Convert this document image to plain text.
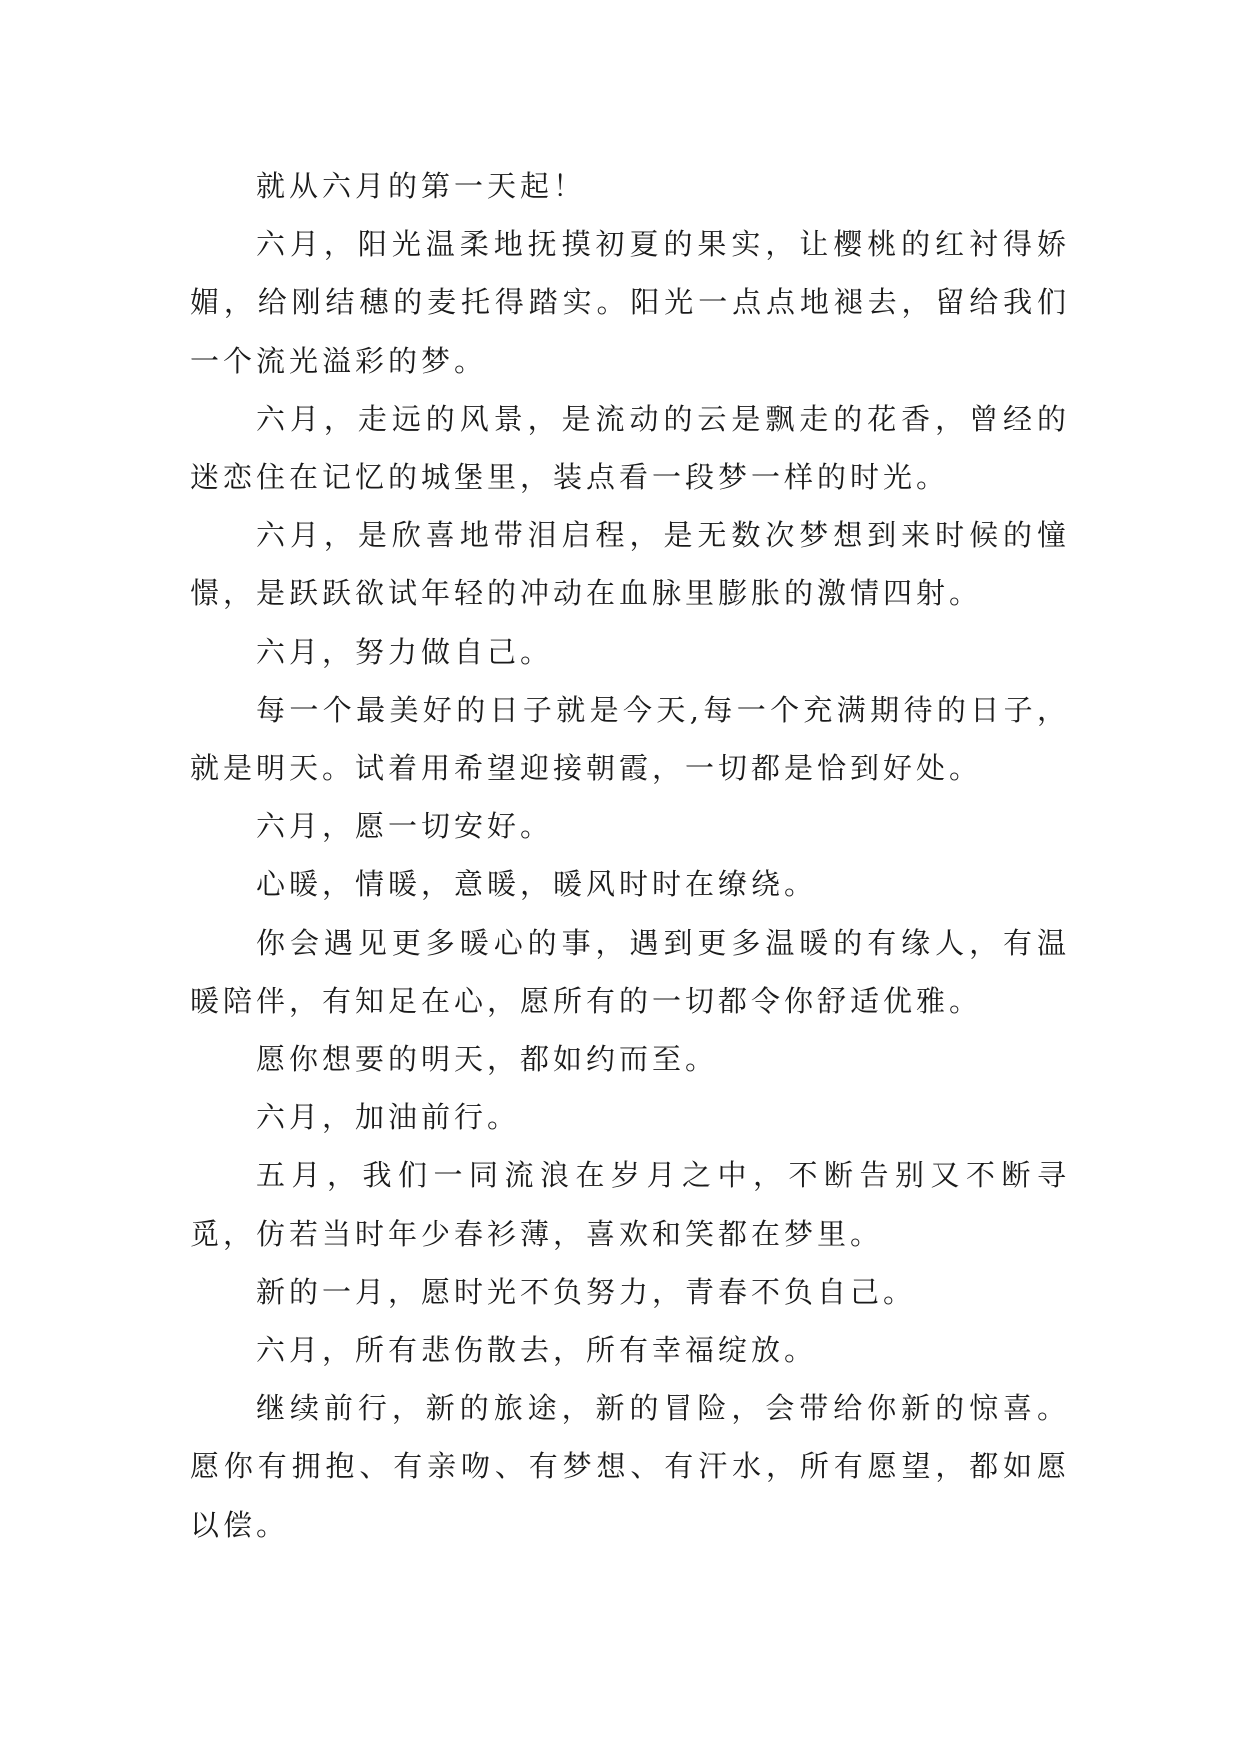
就从六月的第一天起！

六月，阳光温柔地抚摸初夏的果实，让樱桃的红衬得娇媚，给刚结穗的麦托得踏实。阳光一点点地褪去，留给我们一个流光溢彩的梦。

六月，走远的风景，是流动的云是飘走的花香，曾经的迷恋住在记忆的城堡里，装点看一段梦一样的时光。

六月，是欣喜地带泪启程，是无数次梦想到来时候的憧憬，是跃跃欲试年轻的冲动在血脉里膨胀的激情四射。

六月，努力做自己。

每一个最美好的日子就是今天,每一个充满期待的日子，就是明天。试着用希望迎接朝霞，一切都是恰到好处。

六月，愿一切安好。

心暖，情暖，意暖，暖风时时在缭绕。

你会遇见更多暖心的事，遇到更多温暖的有缘人，有温暖陪伴，有知足在心，愿所有的一切都令你舒适优雅。

愿你想要的明天，都如约而至。

六月，加油前行。

五月，我们一同流浪在岁月之中，不断告别又不断寻觅，仿若当时年少春衫薄，喜欢和笑都在梦里。

新的一月，愿时光不负努力，青春不负自己。

六月，所有悲伤散去，所有幸福绽放。

继续前行，新的旅途，新的冒险，会带给你新的惊喜。愿你有拥抱、有亲吻、有梦想、有汗水，所有愿望，都如愿以偿。
